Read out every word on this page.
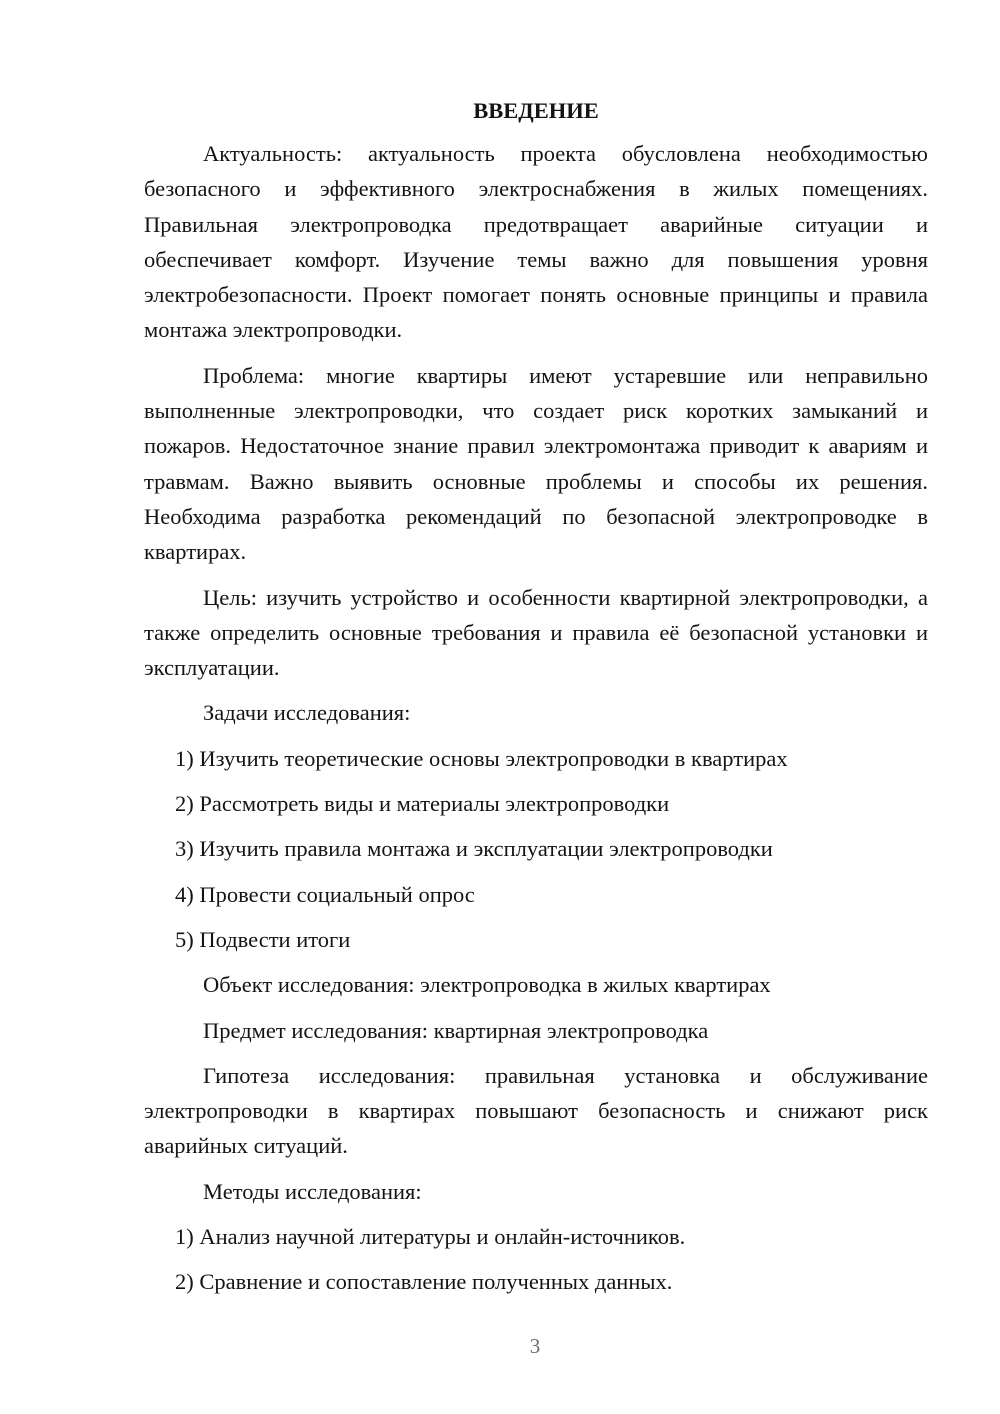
ВВЕДЕНИЕ

Актуальность: актуальность проекта обусловлена необходимостью безопасного и эффективного электроснабжения в жилых помещениях. Правильная электропроводка предотвращает аварийные ситуации и обеспечивает комфорт. Изучение темы важно для повышения уровня электробезопасности. Проект помогает понять основные принципы и правила монтажа электропроводки.

Проблема: многие квартиры имеют устаревшие или неправильно выполненные электропроводки, что создает риск коротких замыканий и пожаров. Недостаточное знание правил электромонтажа приводит к авариям и травмам. Важно выявить основные проблемы и способы их решения. Необходима разработка рекомендаций по безопасной электропроводке в квартирах.

Цель: изучить устройство и особенности квартирной электропроводки, а также определить основные требования и правила её безопасной установки и эксплуатации.

Задачи исследования:
1) Изучить теоретические основы электропроводки в квартирах
2) Рассмотреть виды и материалы электропроводки
3) Изучить правила монтажа и эксплуатации электропроводки
4) Провести социальный опрос
5) Подвести итоги
Объект исследования: электропроводка в жилых квартирах
Предмет исследования: квартирная электропроводка

Гипотеза исследования: правильная установка и обслуживание электропроводки в квартирах повышают безопасность и снижают риск аварийных ситуаций.

Методы исследования:
1) Анализ научной литературы и онлайн-источников.
2) Сравнение и сопоставление полученных данных.
3
